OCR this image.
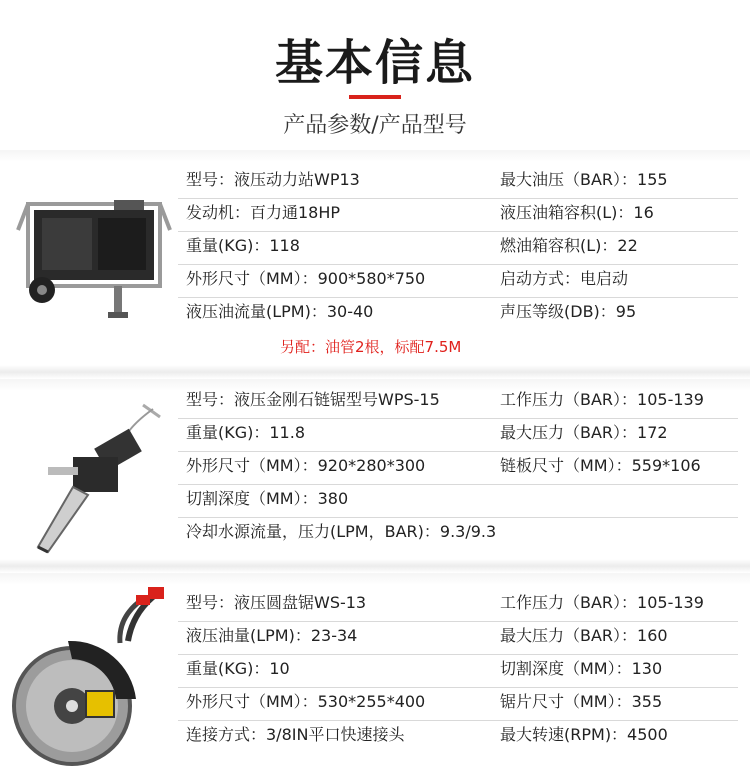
基本信息
产品参数/产品型号
型号：液压动力站WP13	最大油压（BAR）：155
发动机：百力通18HP	液压油箱容积(L)：16
重量(KG)：118	燃油箱容积(L)：22
外形尺寸（MM）：900*580*750	启动方式：电启动
液压油流量(LPM)：30-40	声压等级(DB)：95
另配：油管2根，标配7.5M
型号：液压金刚石链锯型号WPS-15	工作压力（BAR）：105-139
重量(KG)：11.8	最大压力（BAR）：172
外形尺寸（MM）：920*280*300	链板尺寸（MM）：559*106
切割深度（MM）：380
冷却水源流量，压力(LPM，BAR)：9.3/9.3
型号：液压圆盘锯WS-13	工作压力（BAR）：105-139
液压油量(LPM)：23-34	最大压力（BAR）：160
重量(KG)：10	切割深度（MM）：130
外形尺寸（MM）：530*255*400	锯片尺寸（MM）：355
连接方式：3/8IN平口快速接头	最大转速(RPM)：4500
